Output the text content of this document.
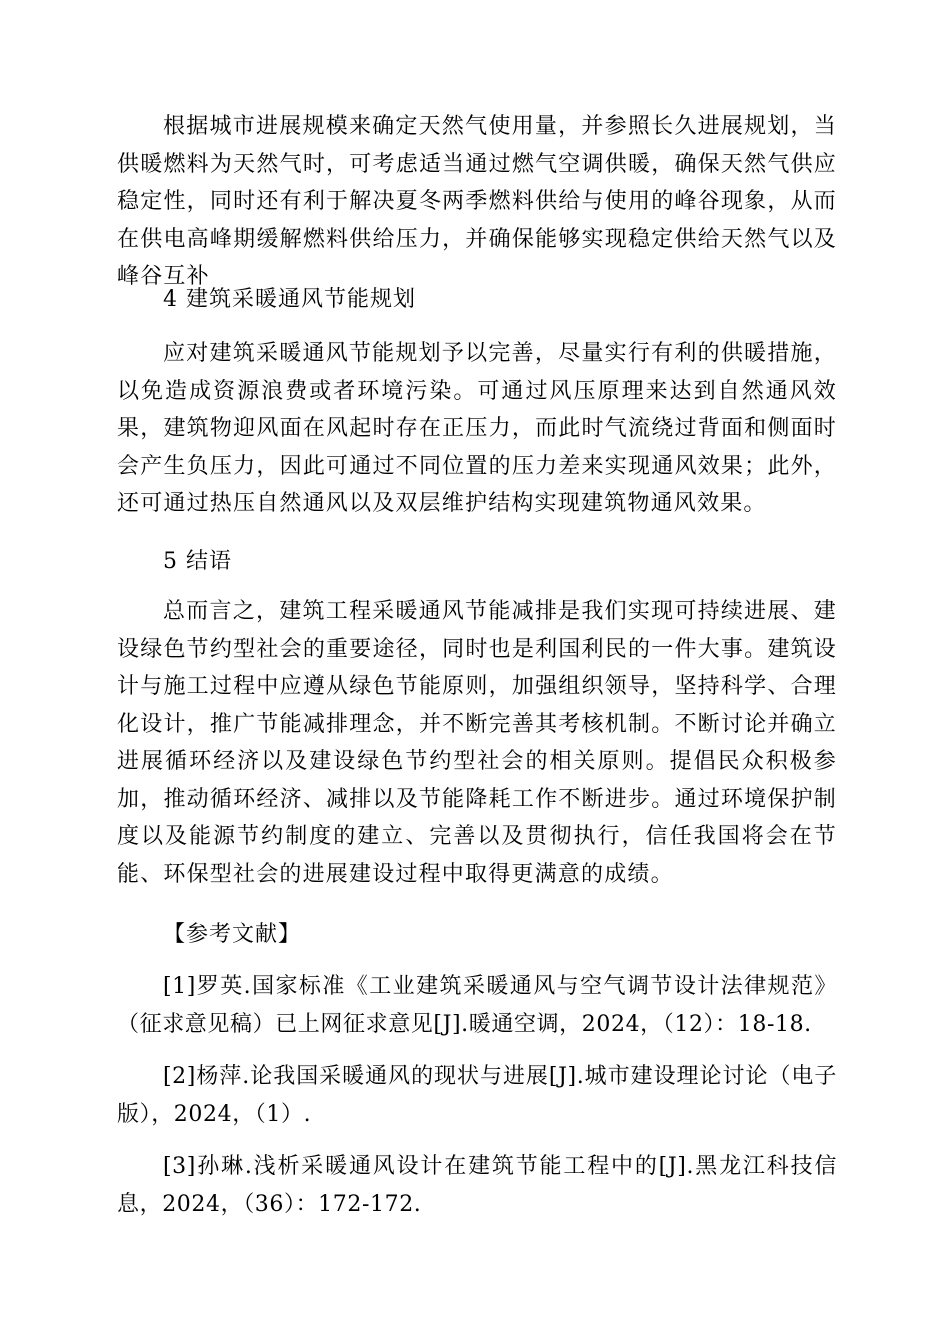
根据城市进展规模来确定天然气使用量，并参照长久进展规划，当供暖燃料为天然气时，可考虑适当通过燃气空调供暖，确保天然气供应稳定性，同时还有利于解决夏冬两季燃料供给与使用的峰谷现象，从而在供电高峰期缓解燃料供给压力，并确保能够实现稳定供给天然气以及峰谷互补

4 建筑采暖通风节能规划

应对建筑采暖通风节能规划予以完善，尽量实行有利的供暖措施，以免造成资源浪费或者环境污染。可通过风压原理来达到自然通风效果，建筑物迎风面在风起时存在正压力，而此时气流绕过背面和侧面时会产生负压力，因此可通过不同位置的压力差来实现通风效果；此外，还可通过热压自然通风以及双层维护结构实现建筑物通风效果。

5 结语

总而言之，建筑工程采暖通风节能减排是我们实现可持续进展、建设绿色节约型社会的重要途径，同时也是利国利民的一件大事。建筑设计与施工过程中应遵从绿色节能原则，加强组织领导，坚持科学、合理化设计，推广节能减排理念，并不断完善其考核机制。不断讨论并确立进展循环经济以及建设绿色节约型社会的相关原则。提倡民众积极参加，推动循环经济、减排以及节能降耗工作不断进步。通过环境保护制度以及能源节约制度的建立、完善以及贯彻执行，信任我国将会在节能、环保型社会的进展建设过程中取得更满意的成绩。

【参考文献】

[1]罗英.国家标准《工业建筑采暖通风与空气调节设计法律规范》（征求意见稿）已上网征求意见[J].暖通空调，2024，（12）：18-18.

[2]杨萍.论我国采暖通风的现状与进展[J].城市建设理论讨论（电子版），2024，（1）.

[3]孙琳.浅析采暖通风设计在建筑节能工程中的[J].黑龙江科技信息，2024，（36）：172-172.
